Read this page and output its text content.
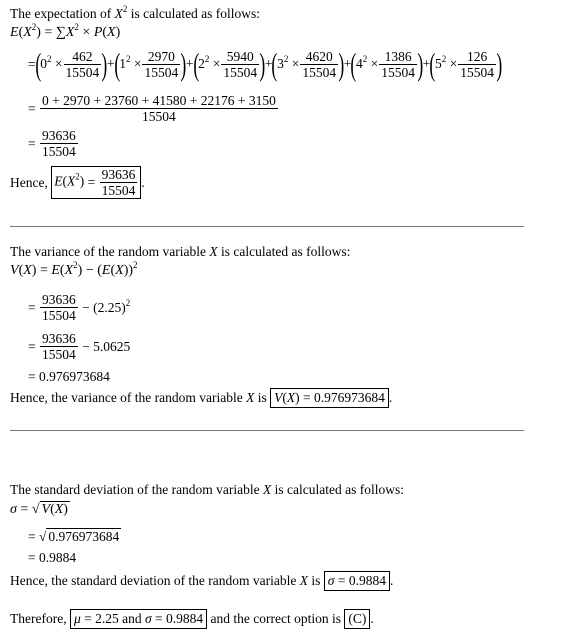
The expectation of $X^2$ is calculated as follows:
$E(X^2) = \sum X^2 \times P(X)$
$=(0^2 \times \frac{462}{15504} )+(1^2 \times \frac{2970}{15504} )+(2^2 \times \frac{5940}{15504} )+(3^2 \times \frac{4620}{15504} )+(4^2 \times \frac{1386}{15504} )+(5^2 \times \frac{126}{15504}$ )
= $\frac{0 + 2970 + 23760 + 41580 + 22176 + 3150}{15504}$
= $\frac{93636}{15504}$
Hence, $E(X^2) = \frac{93636}{15504}$ .
The variance of the random variable X is calculated as follows:
$V(X) = E(X^2) - (E(X))^2$
= $\frac{93636}{15504} - (2.25)^2$
= $\frac{93636}{15504} - 5.0625$
= 0.976973684
Hence, the variance of the random variable X is V(X) = 0.976973684 .
The standard deviation of the random variable X is calculated as follows:
σ = √ V(X)
= √ 0.976973684
= 0.9884
Hence, the standard deviation of the random variable X is σ = 0.9884 .
Therefore, μ = 2.25 and σ = 0.9884 and the correct option is (C) .
